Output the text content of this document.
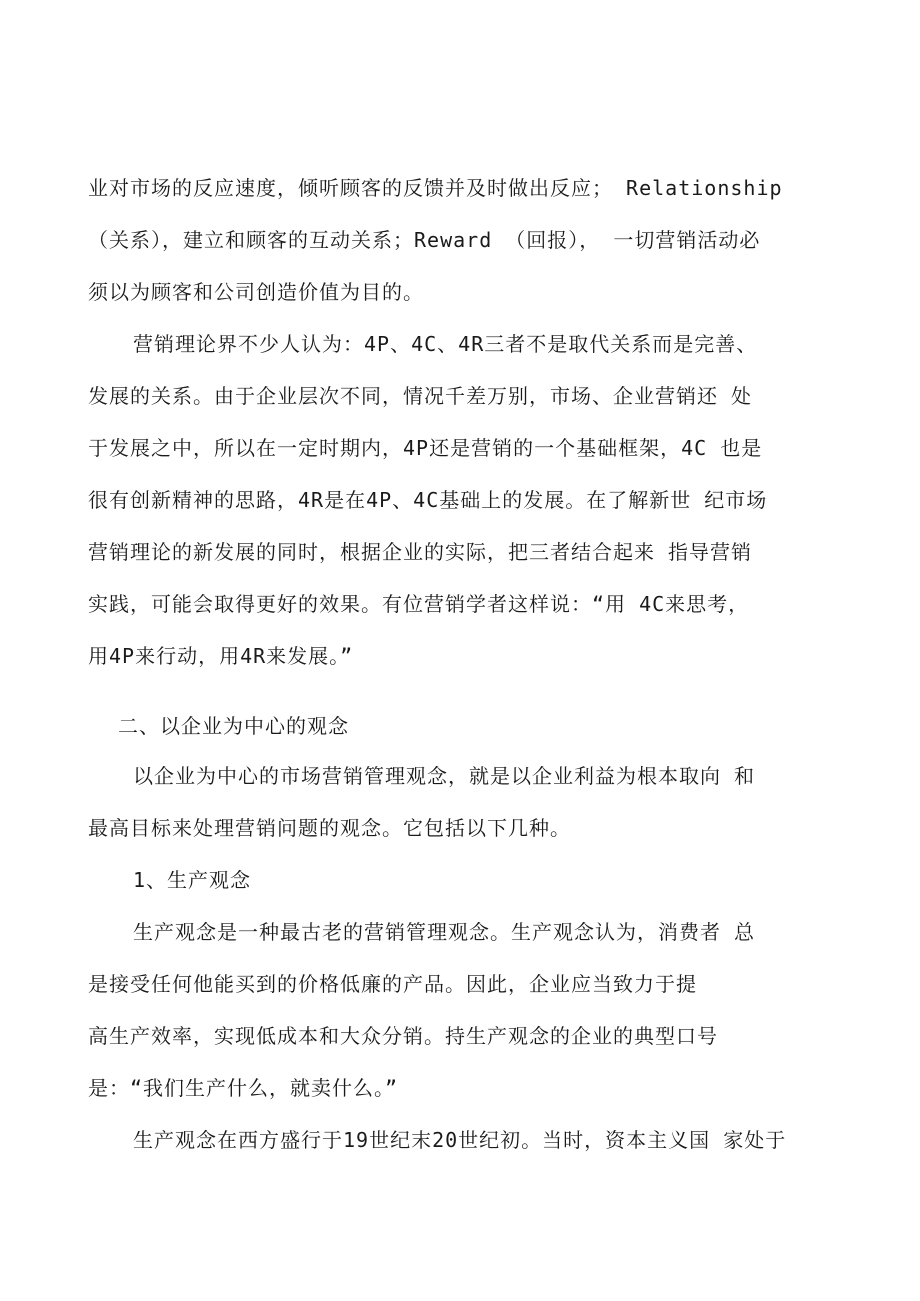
业对市场的反应速度，倾听顾客的反馈并及时做出反应； Relationship
（关系），建立和顾客的互动关系；Reward （回报）， 一切营销活动必
须以为顾客和公司创造价值为目的。
营销理论界不少人认为：4P、4C、4R三者不是取代关系而是完善、
发展的关系。由于企业层次不同，情况千差万别，市场、企业营销还 处
于发展之中，所以在一定时期内，4P还是营销的一个基础框架，4C 也是
很有创新精神的思路，4R是在4P、4C基础上的发展。在了解新世 纪市场
营销理论的新发展的同时，根据企业的实际，把三者结合起来 指导营销
实践，可能会取得更好的效果。有位营销学者这样说：“用 4C来思考，
用4P来行动，用4R来发展。”
二、以企业为中心的观念
以企业为中心的市场营销管理观念，就是以企业利益为根本取向 和
最高目标来处理营销问题的观念。它包括以下几种。
1、生产观念
生产观念是一种最古老的营销管理观念。生产观念认为，消费者 总
是接受任何他能买到的价格低廉的产品。因此，企业应当致力于提
高生产效率，实现低成本和大众分销。持生产观念的企业的典型口号
是：“我们生产什么，就卖什么。”
生产观念在西方盛行于19世纪末20世纪初。当时，资本主义国 家处于
